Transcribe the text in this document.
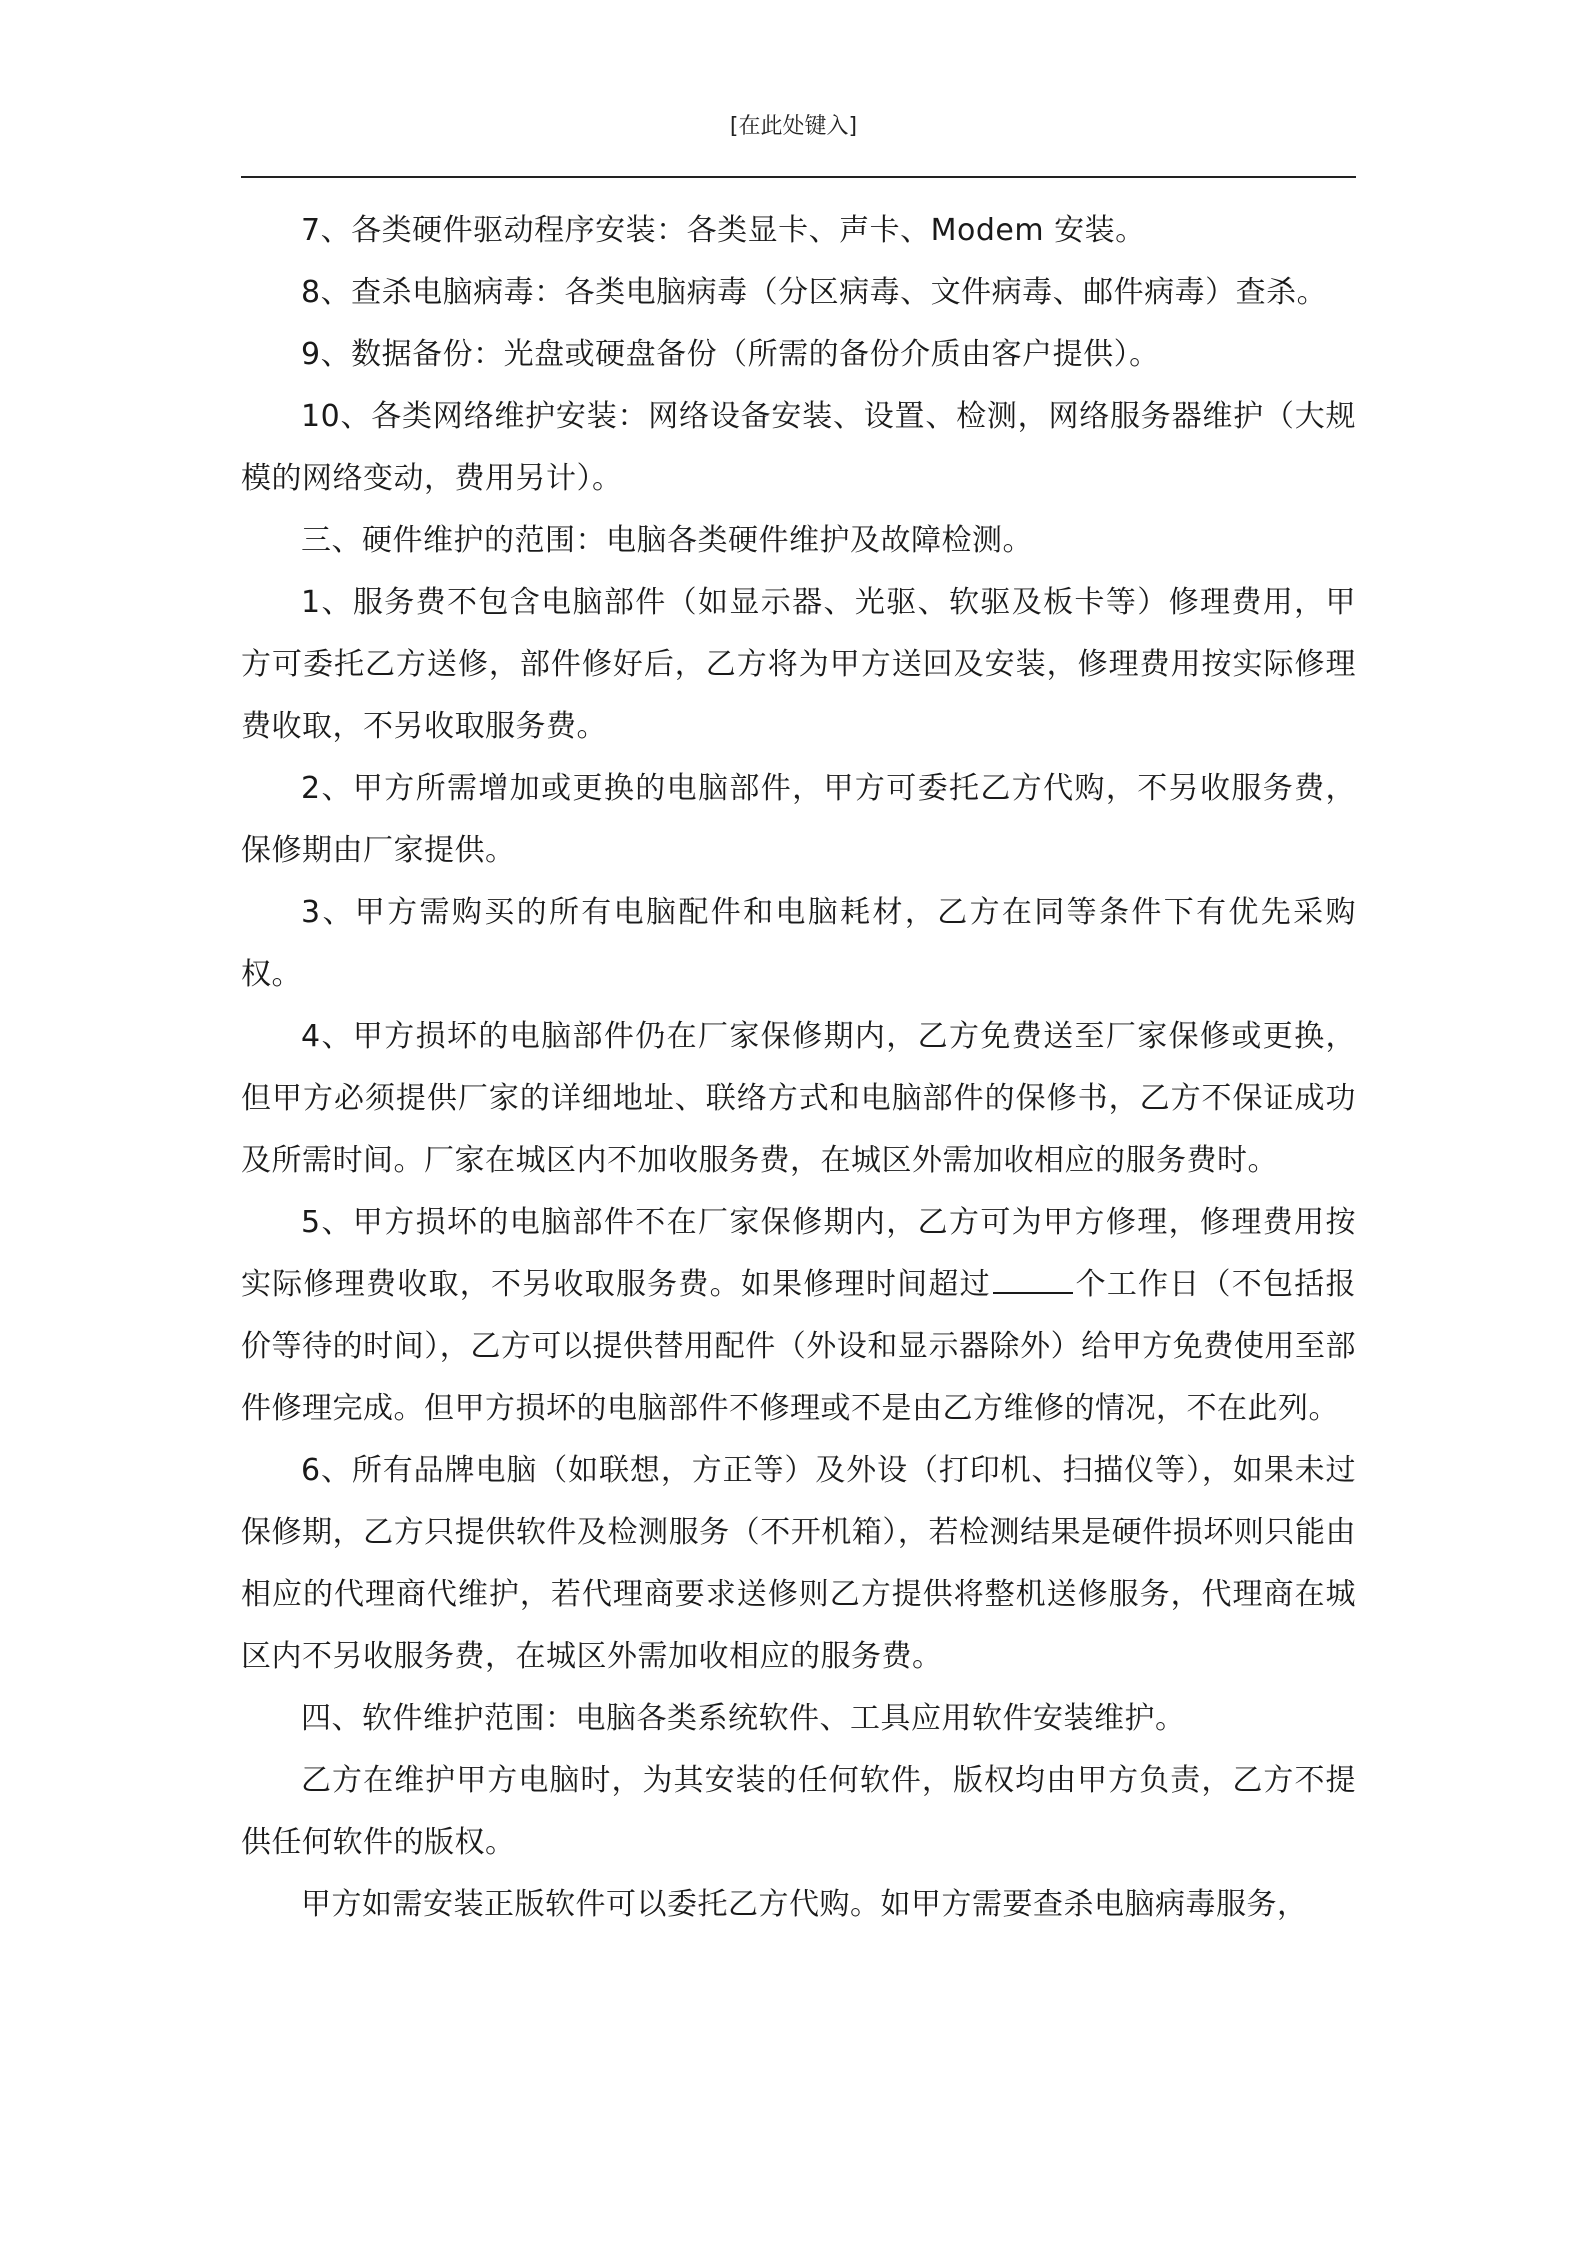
[在此处键入]

7、各类硬件驱动程序安装：各类显卡、声卡、Modem 安装。

8、查杀电脑病毒：各类电脑病毒（分区病毒、文件病毒、邮件病毒）查杀。

9、数据备份：光盘或硬盘备份（所需的备份介质由客户提供）。

10、各类网络维护安装：网络设备安装、设置、检测，网络服务器维护（大规模的网络变动，费用另计）。

三、硬件维护的范围：电脑各类硬件维护及故障检测。

1、服务费不包含电脑部件（如显示器、光驱、软驱及板卡等）修理费用，甲方可委托乙方送修，部件修好后，乙方将为甲方送回及安装，修理费用按实际修理费收取，不另收取服务费。

2、甲方所需增加或更换的电脑部件，甲方可委托乙方代购，不另收服务费，保修期由厂家提供。

3、甲方需购买的所有电脑配件和电脑耗材，乙方在同等条件下有优先采购权。

4、甲方损坏的电脑部件仍在厂家保修期内，乙方免费送至厂家保修或更换，但甲方必须提供厂家的详细地址、联络方式和电脑部件的保修书，乙方不保证成功及所需时间。厂家在城区内不加收服务费，在城区外需加收相应的服务费时。

5、甲方损坏的电脑部件不在厂家保修期内，乙方可为甲方修理，修理费用按实际修理费收取，不另收取服务费。如果修理时间超过	个工作日（不包括报价等待的时间），乙方可以提供替用配件（外设和显示器除外）给甲方免费使用至部件修理完成。但甲方损坏的电脑部件不修理或不是由乙方维修的情况，不在此列。

6、所有品牌电脑（如联想，方正等）及外设（打印机、扫描仪等），如果未过保修期，乙方只提供软件及检测服务（不开机箱），若检测结果是硬件损坏则只能由相应的代理商代维护，若代理商要求送修则乙方提供将整机送修服务，代理商在城区内不另收服务费，在城区外需加收相应的服务费。

四、软件维护范围：电脑各类系统软件、工具应用软件安装维护。

乙方在维护甲方电脑时，为其安装的任何软件，版权均由甲方负责，乙方不提供任何软件的版权。

甲方如需安装正版软件可以委托乙方代购。如甲方需要查杀电脑病毒服务，
